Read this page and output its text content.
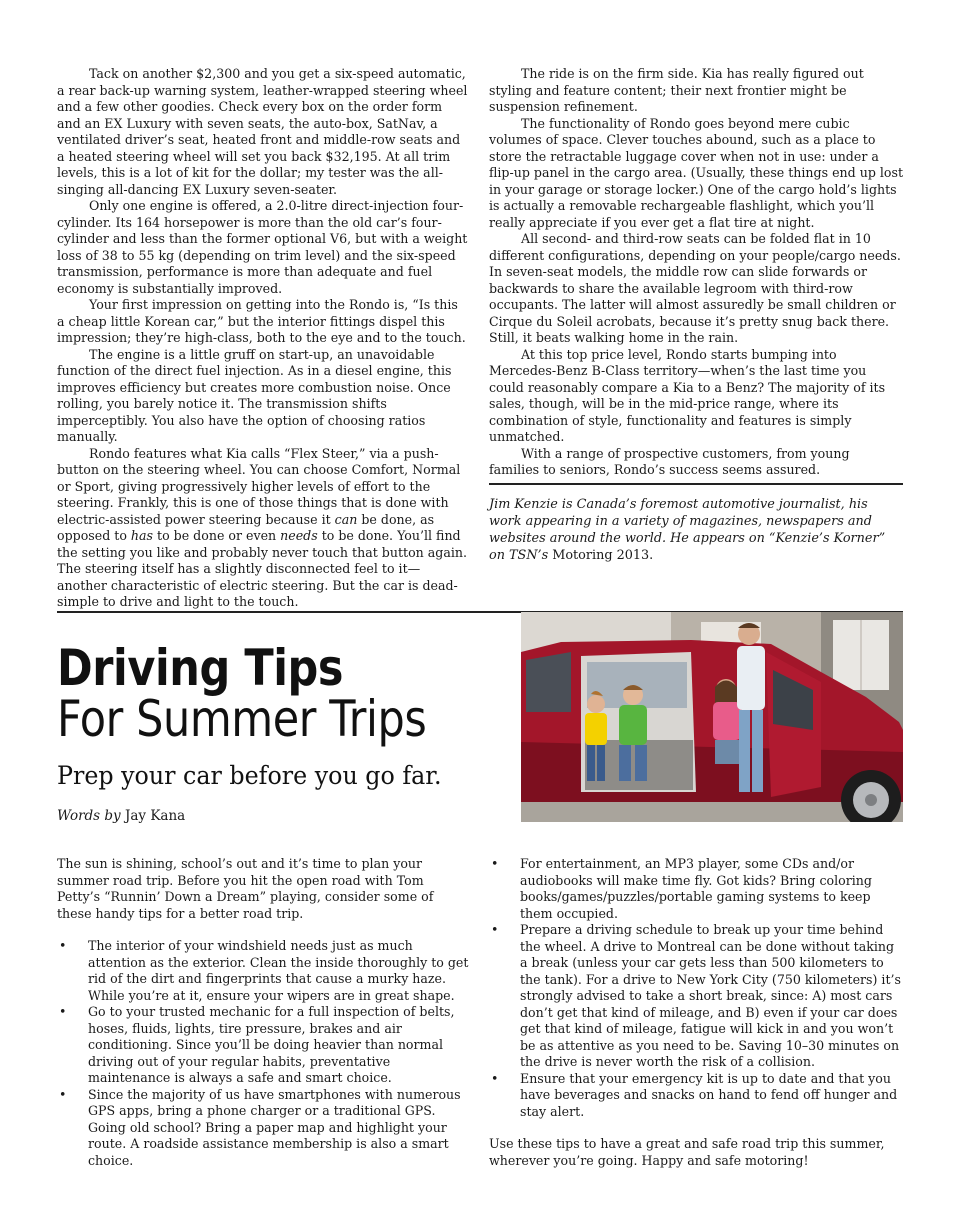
Tack on another $2,300 and you get a six-speed automatic, a rear back-up warning system, leather-wrapped steering wheel and a few other goodies. Check every box on the order form and an EX Luxury with seven seats, the auto-box, SatNav, a ventilated driver’s seat, heated front and middle-row seats and a heated steering wheel will set you back $32,195. At all trim levels, this is a lot of kit for the dollar; my tester was the all-singing all-dancing EX Luxury seven-seater.

Only one engine is offered, a 2.0-litre direct-injection four-cylinder. Its 164 horsepower is more than the old car’s four-cylinder and less than the former optional V6, but with a weight loss of 38 to 55 kg (depending on trim level) and the six-speed transmission, performance is more than adequate and fuel economy is substantially improved.

Your first impression on getting into the Rondo is, “Is this a cheap little Korean car,” but the interior fittings dispel this impression; they’re high-class, both to the eye and to the touch.

The engine is a little gruff on start-up, an unavoidable function of the direct fuel injection. As in a diesel engine, this improves efficiency but creates more combustion noise. Once rolling, you barely notice it. The transmission shifts imperceptibly. You also have the option of choosing ratios manually.

Rondo features what Kia calls “Flex Steer,” via a push-button on the steering wheel. You can choose Comfort, Normal or Sport, giving progressively higher levels of effort to the steering. Frankly, this is one of those things that is done with electric-assisted power steering because it can be done, as opposed to has to be done or even needs to be done. You’ll find the setting you like and probably never touch that button again. The steering itself has a slightly disconnected feel to it—another characteristic of electric steering. But the car is dead-simple to drive and light to the touch.

The ride is on the firm side. Kia has really figured out styling and feature content; their next frontier might be suspension refinement.

The functionality of Rondo goes beyond mere cubic volumes of space. Clever touches abound, such as a place to store the retractable luggage cover when not in use: under a flip-up panel in the cargo area. (Usually, these things end up lost in your garage or storage locker.) One of the cargo hold’s lights is actually a removable rechargeable flashlight, which you’ll really appreciate if you ever get a flat tire at night.

All second- and third-row seats can be folded flat in 10 different configurations, depending on your people/cargo needs. In seven-seat models, the middle row can slide forwards or backwards to share the available legroom with third-row occupants. The latter will almost assuredly be small children or Cirque du Soleil acrobats, because it’s pretty snug back there. Still, it beats walking home in the rain.

At this top price level, Rondo starts bumping into Mercedes-Benz B-Class territory—when’s the last time you could reasonably compare a Kia to a Benz? The majority of its sales, though, will be in the mid-price range, where its combination of style, functionality and features is simply unmatched.

With a range of prospective customers, from young families to seniors, Rondo’s success seems assured.

Jim Kenzie is Canada’s foremost automotive journalist, his work appearing in a variety of magazines, newspapers and websites around the world. He appears on “Kenzie’s Korner” on TSN’s Motoring 2013.
Driving Tips
For Summer Trips
Prep your car before you go far.
Words by Jay Kana

The sun is shining, school’s out and it’s time to plan your summer road trip. Before you hit the open road with Tom Petty’s “Runnin’ Down a Dream” playing, consider some of these handy tips for a better road trip.

• The interior of your windshield needs just as much attention as the exterior. Clean the inside thoroughly to get rid of the dirt and fingerprints that cause a murky haze. While you’re at it, ensure your wipers are in great shape.
• Go to your trusted mechanic for a full inspection of belts, hoses, fluids, lights, tire pressure, brakes and air conditioning. Since you’ll be doing heavier than normal driving out of your regular habits, preventative maintenance is always a safe and smart choice.
• Since the majority of us have smartphones with numerous GPS apps, bring a phone charger or a traditional GPS. Going old school? Bring a paper map and highlight your route. A roadside assistance membership is also a smart choice.
• For entertainment, an MP3 player, some CDs and/or audiobooks will make time fly. Got kids? Bring coloring books/games/puzzles/portable gaming systems to keep them occupied.
• Prepare a driving schedule to break up your time behind the wheel. A drive to Montreal can be done without taking a break (unless your car gets less than 500 kilometers to the tank). For a drive to New York City (750 kilometers) it’s strongly advised to take a short break, since: A) most cars don’t get that kind of mileage, and B) even if your car does get that kind of mileage, fatigue will kick in and you won’t be as attentive as you need to be. Saving 10–30 minutes on the drive is never worth the risk of a collision.
• Ensure that your emergency kit is up to date and that you have beverages and snacks on hand to fend off hunger and stay alert.

Use these tips to have a great and safe road trip this summer, wherever you’re going. Happy and safe motoring!
